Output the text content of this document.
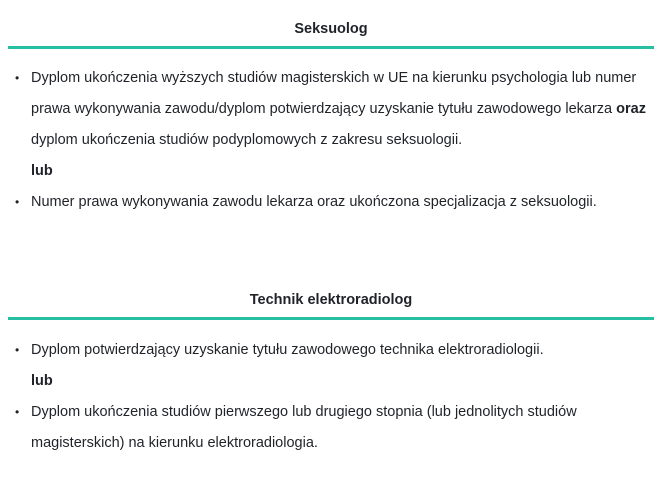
Seksuolog
• Dyplom ukończenia wyższych studiów magisterskich w UE na kierunku psychologia lub numer prawa wykonywania zawodu/dyplom potwierdzający uzyskanie tytułu zawodowego lekarza oraz dyplom ukończenia studiów podyplomowych z zakresu seksuologii.
lub
• Numer prawa wykonywania zawodu lekarza oraz ukończona specjalizacja z seksuologii.
Technik elektroradiolog
• Dyplom potwierdzający uzyskanie tytułu zawodowego technika elektroradiologii.
lub
• Dyplom ukończenia studiów pierwszego lub drugiego stopnia (lub jednolitych studiów magisterskich) na kierunku elektroradiologia.
